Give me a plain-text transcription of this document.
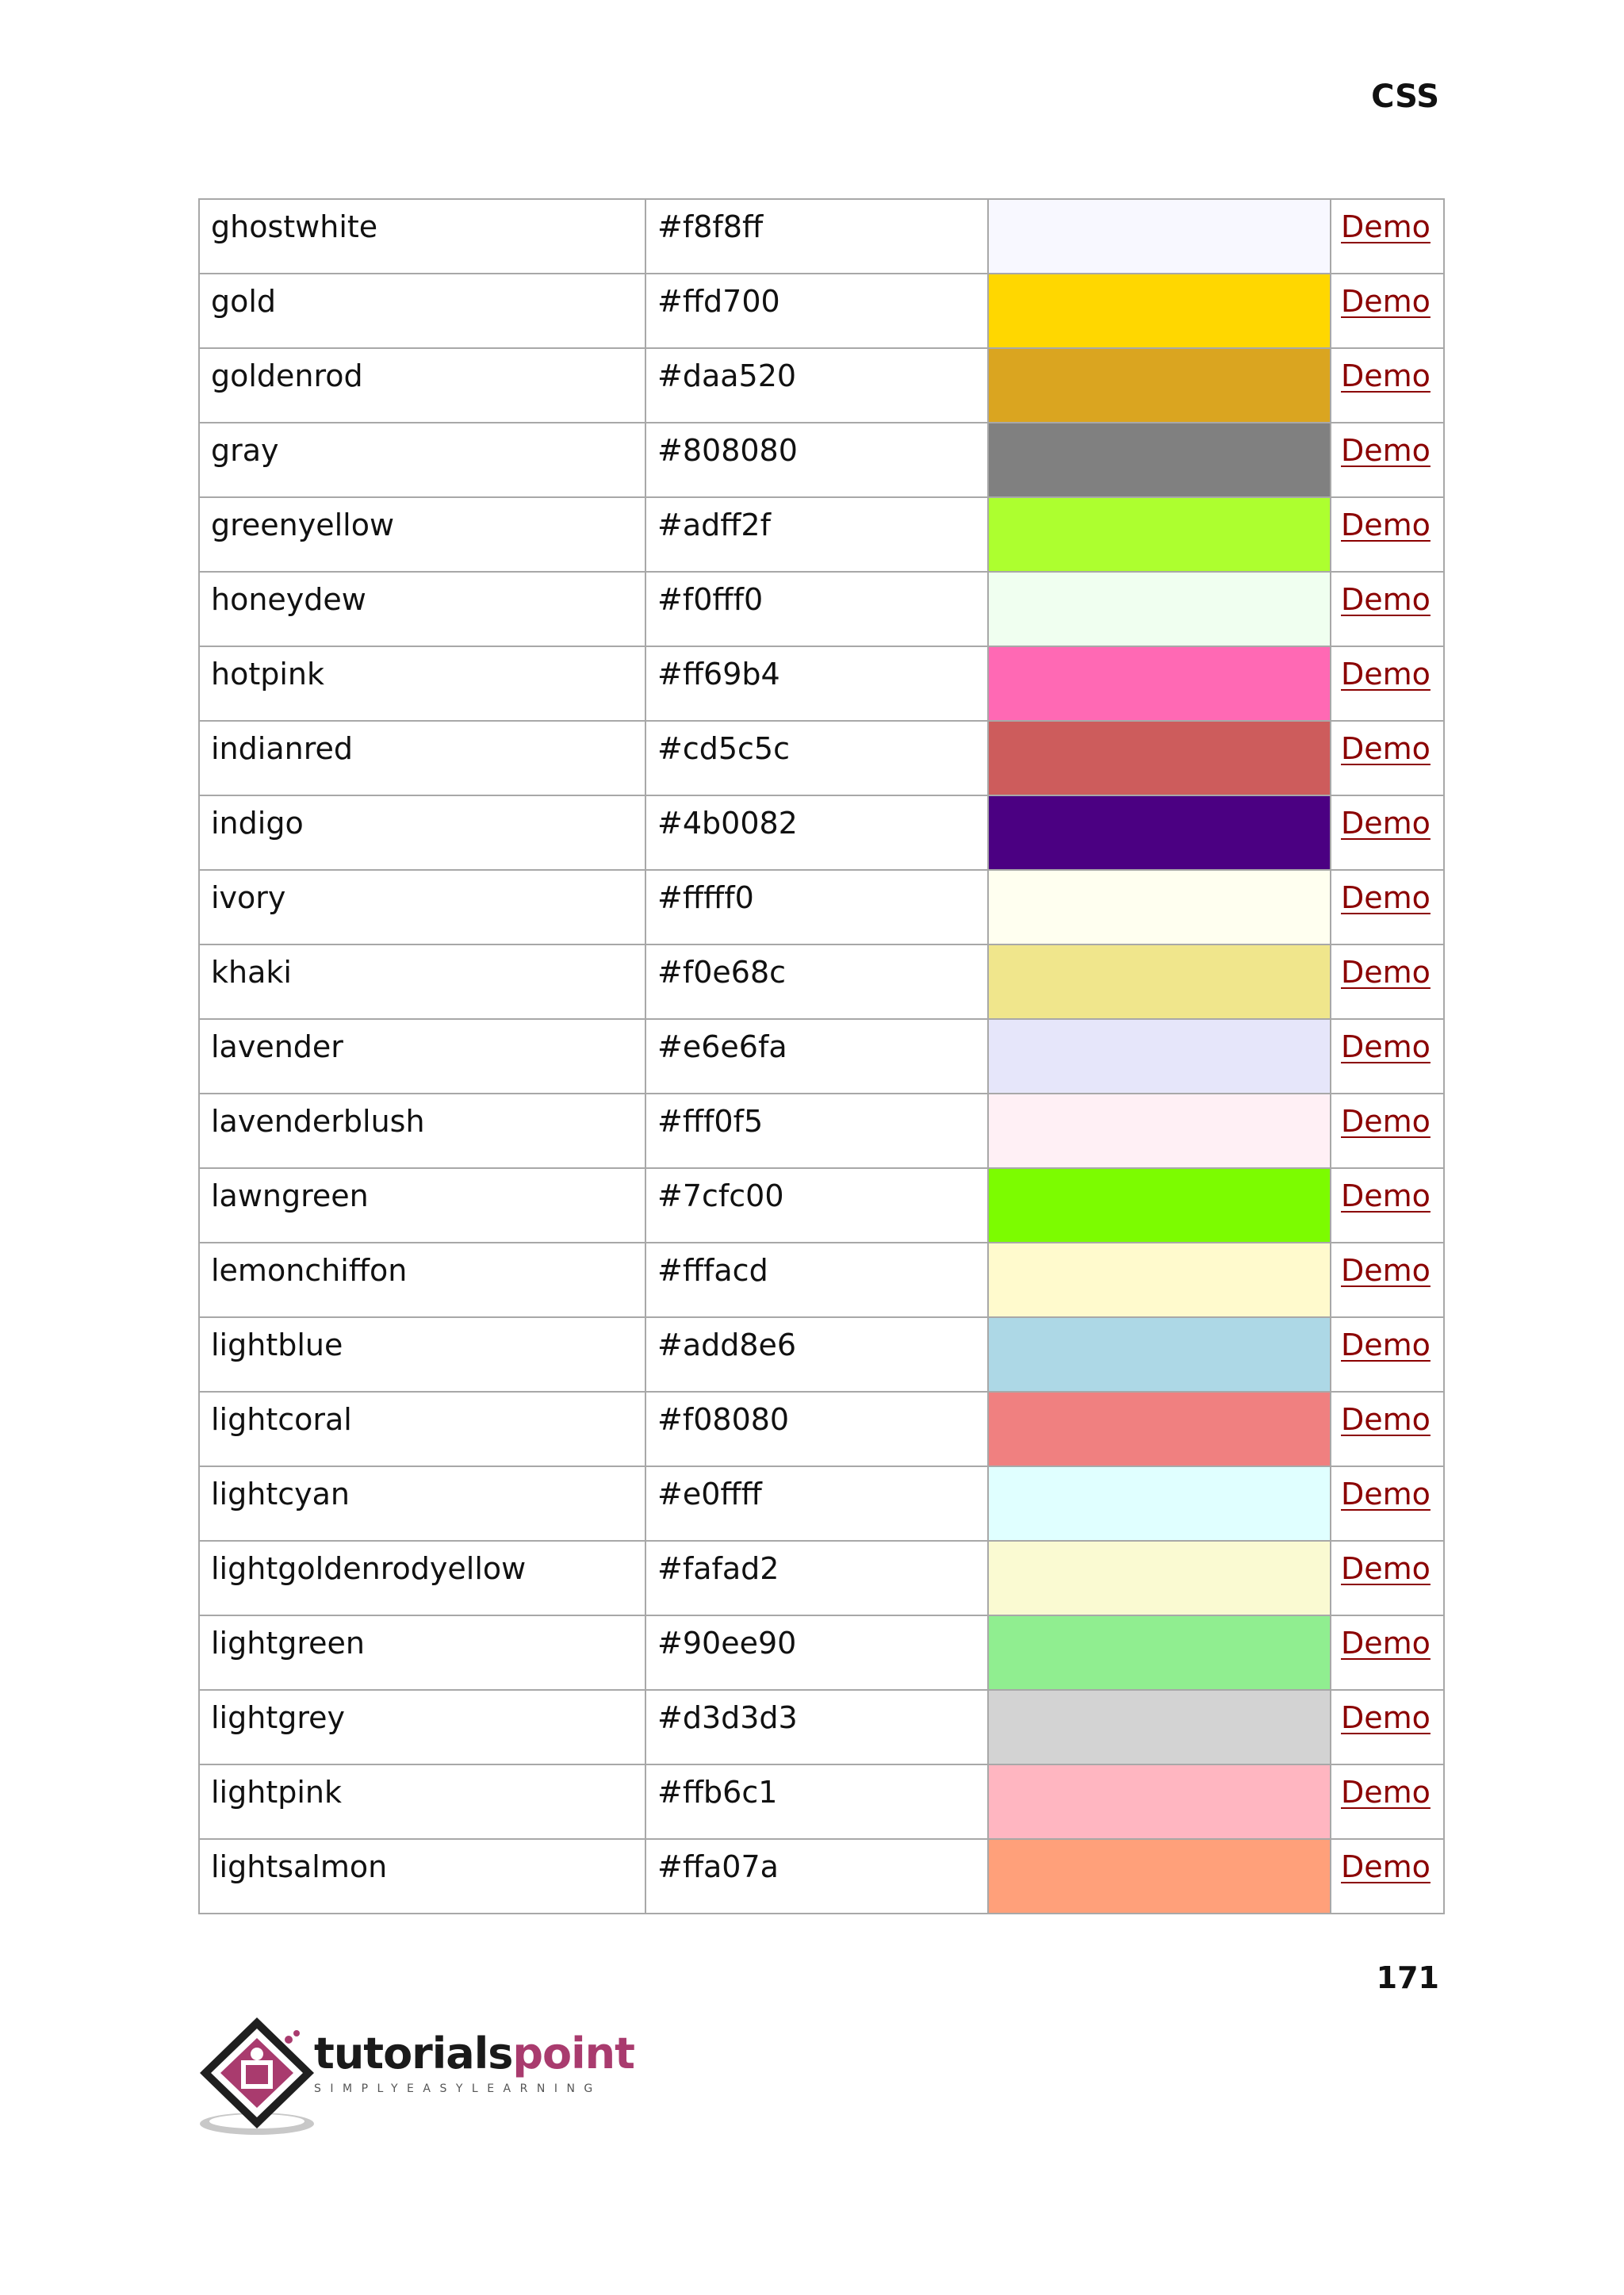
CSS
ghostwhite	#f8f8ff		Demo
gold	#ffd700		Demo
goldenrod	#daa520		Demo
gray	#808080		Demo
greenyellow	#adff2f		Demo
honeydew	#f0fff0		Demo
hotpink	#ff69b4		Demo
indianred	#cd5c5c		Demo
indigo	#4b0082		Demo
ivory	#fffff0		Demo
khaki	#f0e68c		Demo
lavender	#e6e6fa		Demo
lavenderblush	#fff0f5		Demo
lawngreen	#7cfc00		Demo
lemonchiffon	#fffacd		Demo
lightblue	#add8e6		Demo
lightcoral	#f08080		Demo
lightcyan	#e0ffff		Demo
lightgoldenrodyellow	#fafad2		Demo
lightgreen	#90ee90		Demo
lightgrey	#d3d3d3		Demo
lightpink	#ffb6c1		Demo
lightsalmon	#ffa07a		Demo
171
tutorialspoint
SIMPLYEASYLEARNING
